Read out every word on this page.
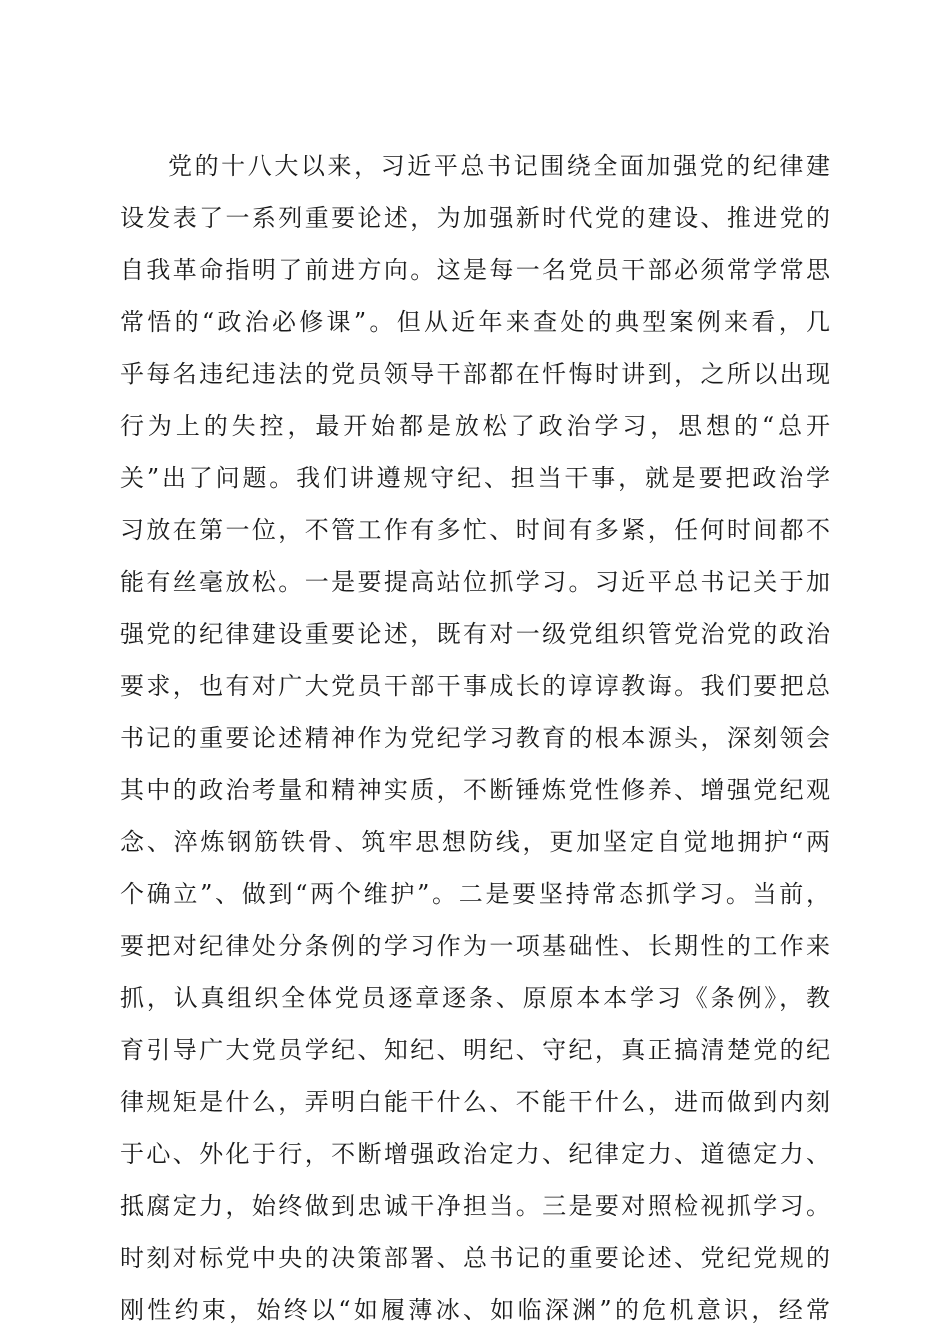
党的十八大以来，习近平总书记围绕全面加强党的纪律建
设发表了一系列重要论述，为加强新时代党的建设、推进党的
自我革命指明了前进方向。这是每一名党员干部必须常学常思
常悟的“政治必修课”。但从近年来查处的典型案例来看，几
乎每名违纪违法的党员领导干部都在忏悔时讲到，之所以出现
行为上的失控，最开始都是放松了政治学习，思想的“总开
关”出了问题。我们讲遵规守纪、担当干事，就是要把政治学
习放在第一位，不管工作有多忙、时间有多紧，任何时间都不
能有丝毫放松。一是要提高站位抓学习。习近平总书记关于加
强党的纪律建设重要论述，既有对一级党组织管党治党的政治
要求，也有对广大党员干部干事成长的谆谆教诲。我们要把总
书记的重要论述精神作为党纪学习教育的根本源头，深刻领会
其中的政治考量和精神实质，不断锤炼党性修养、增强党纪观
念、淬炼钢筋铁骨、筑牢思想防线，更加坚定自觉地拥护“两
个确立”、做到“两个维护”。二是要坚持常态抓学习。当前，
要把对纪律处分条例的学习作为一项基础性、长期性的工作来
抓，认真组织全体党员逐章逐条、原原本本学习《条例》，教
育引导广大党员学纪、知纪、明纪、守纪，真正搞清楚党的纪
律规矩是什么，弄明白能干什么、不能干什么，进而做到内刻
于心、外化于行，不断增强政治定力、纪律定力、道德定力、
抵腐定力，始终做到忠诚干净担当。三是要对照检视抓学习。
时刻对标党中央的决策部署、总书记的重要论述、党纪党规的
刚性约束，始终以“如履薄冰、如临深渊”的危机意识，经常
